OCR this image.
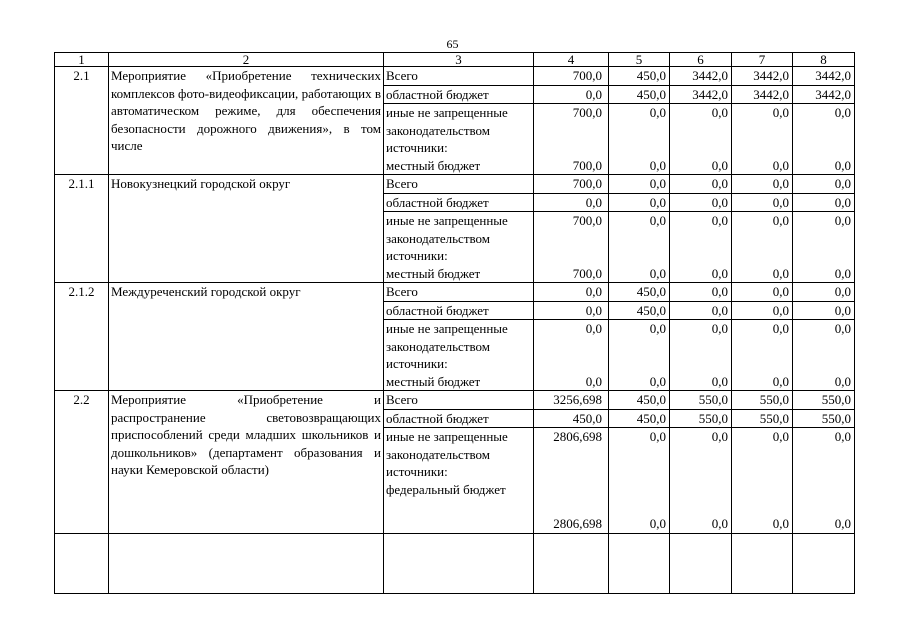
65
1	2	3	4	5	6	7	8
2.1	Мероприятие «Приобретение технических комплексов фото-видеофиксации, работающих в автоматическом режиме, для обеспечения безопасности дорожного движения», в том числе	Всего	700,0	450,0	3442,0	3442,0	3442,0
		областной бюджет	0,0	450,0	3442,0	3442,0	3442,0
		иные не запрещенные законодательством источники:	700,0	0,0	0,0	0,0	0,0
		местный бюджет	700,0	0,0	0,0	0,0	0,0
2.1.1	Новокузнецкий городской округ	Всего	700,0	0,0	0,0	0,0	0,0
		областной бюджет	0,0	0,0	0,0	0,0	0,0
		иные не запрещенные законодательством источники:	700,0	0,0	0,0	0,0	0,0
		местный бюджет	700,0	0,0	0,0	0,0	0,0
2.1.2	Междуреченский городской округ	Всего	0,0	450,0	0,0	0,0	0,0
		областной бюджет	0,0	450,0	0,0	0,0	0,0
		иные не запрещенные законодательством источники:	0,0	0,0	0,0	0,0	0,0
		местный бюджет	0,0	0,0	0,0	0,0	0,0
2.2	Мероприятие «Приобретение и распространение световозвращающих приспособлений среди младших школьников и дошкольников» (департамент образования и науки Кемеровской области)	Всего	3256,698	450,0	550,0	550,0	550,0
		областной бюджет	450,0	450,0	550,0	550,0	550,0
		иные не запрещенные законодательством источники:	2806,698	0,0	0,0	0,0	0,0
		федеральный бюджет	2806,698	0,0	0,0	0,0	0,0
